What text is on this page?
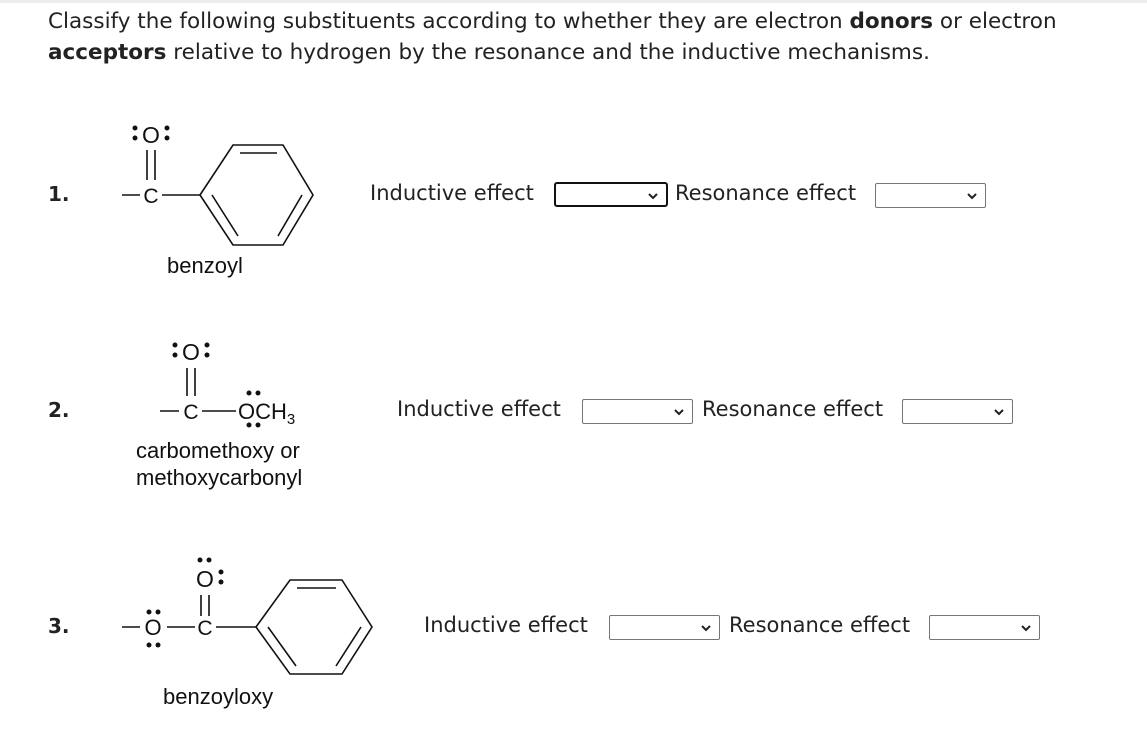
Classify the following substituents according to whether they are electron donors or electron acceptors relative to hydrogen by the resonance and the inductive mechanisms.
1.
2.
3.
O
C
O
C $OCH_3$
O
O C
benzoyl
carbomethoxy or
methoxycarbonyl
benzoyloxy
Inductive effect	Resonance effect
Inductive effect	Resonance effect
Inductive effect	Resonance effect
